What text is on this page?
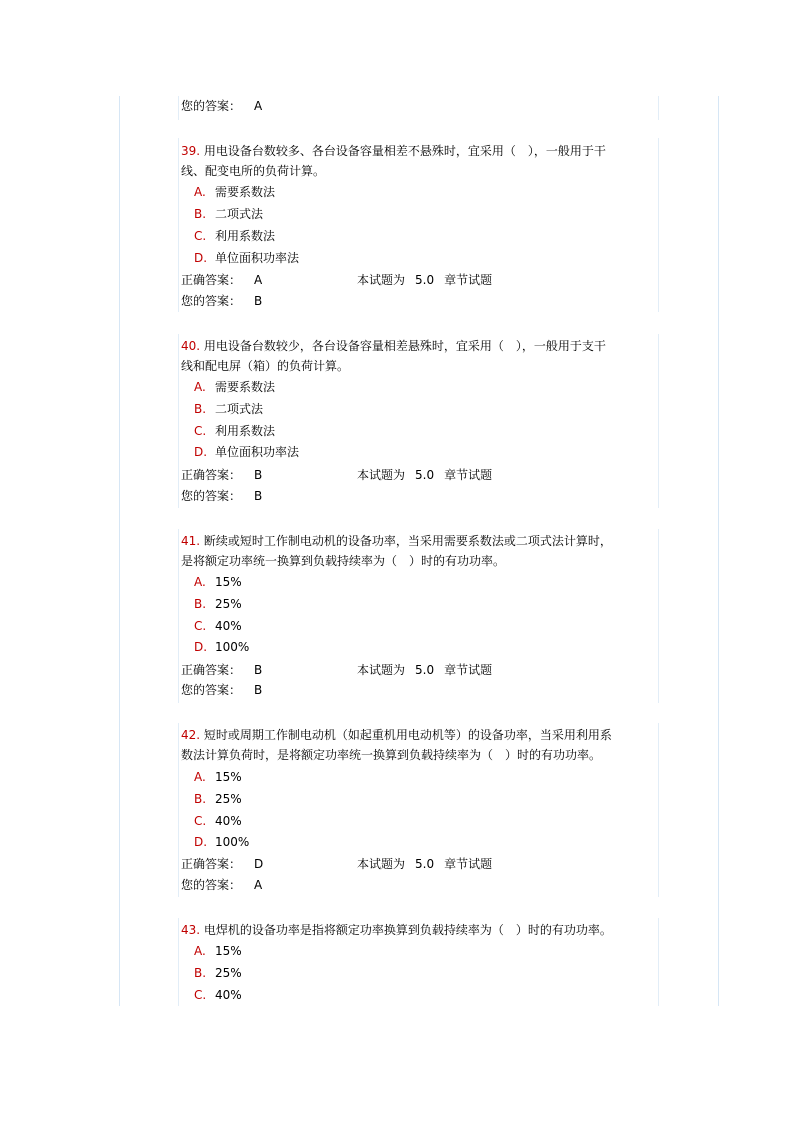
您的答案： A
39. 用电设备台数较多、各台设备容量相差不悬殊时，宜采用（　），一般用于干
线、配变电所的负荷计算。
A. 需要系数法
B. 二项式法
C. 利用系数法
D. 单位面积功率法
正确答案： A	本试题为 5.0 章节试题
您的答案： B
40. 用电设备台数较少，各台设备容量相差悬殊时，宜采用（　），一般用于支干
线和配电屏（箱）的负荷计算。
A. 需要系数法
B. 二项式法
C. 利用系数法
D. 单位面积功率法
正确答案： B	本试题为 5.0 章节试题
您的答案： B
41. 断续或短时工作制电动机的设备功率，当采用需要系数法或二项式法计算时，
是将额定功率统一换算到负载持续率为（　）时的有功功率。
A. 15%
B. 25%
C. 40%
D. 100%
正确答案： B	本试题为 5.0 章节试题
您的答案： B
42. 短时或周期工作制电动机（如起重机用电动机等）的设备功率，当采用利用系
数法计算负荷时，是将额定功率统一换算到负载持续率为（　）时的有功功率。
A. 15%
B. 25%
C. 40%
D. 100%
正确答案： D	本试题为 5.0 章节试题
您的答案： A
43. 电焊机的设备功率是指将额定功率换算到负载持续率为（　）时的有功功率。
A. 15%
B. 25%
C. 40%
